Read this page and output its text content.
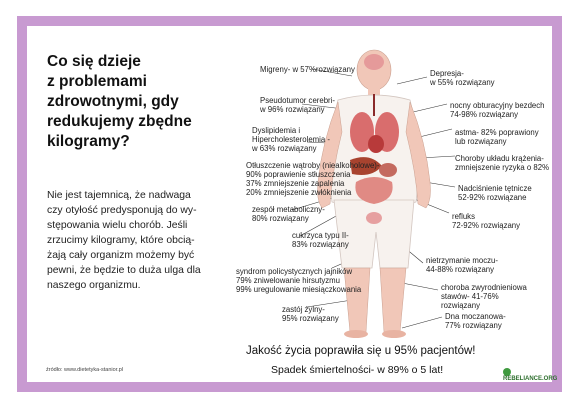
Co się dzieje
z problemami
zdrowotnymi, gdy
redukujemy zbędne
kilogramy?

Nie jest tajemnicą, że nadwaga
czy otyłość predysponują do wy-
stępowania wielu chorób. Jeśli
zrzucimy kilogramy, które obcią-
żają cały organizm możemy być
pewni, że będzie to duża ulga dla
naszego organizmu.

źródło: www.dietetyka-stanior.pl
Migreny- w 57%rozwiązany
Pseudotumor cerebri-
w 96% rozwiązany
Dyslipidemia i
Hipercholesterolemia -
w 63% rozwiązany
Otłuszczenie wątroby (niealkoholowe)-
90% poprawienie stłuszczenia
37% zmniejszenie zapalenia
20% zmniejszenie zwłóknienia
zespół metaboliczny-
80% rozwiązany
cukrzyca typu II-
83% rozwiązany
syndrom policystycznych jajników
79% zniwelowanie hirsutyzmu
99% uregulowanie miesiączkowania
zastój żylny-
95% rozwiązany
Depresja-
w 55% rozwiązany
nocny obturacyjny bezdech
74-98% rozwiązany
astma- 82% poprawiony
lub rozwiązany
Choroby układu krążenia-
zmniejszenie ryzyka o 82%
Nadciśnienie tętnicze
52-92% rozwiązane
refluks
72-92% rozwiązany
nietrzymanie moczu-
44-88% rozwiązany
choroba zwyrodnieniowa
stawów- 41-76%
rozwiązany
Dna moczanowa-
77% rozwiązany
Jakość życia poprawiła się u 95% pacjentów!
Spadek śmiertelności- w 89% o 5 lat!
REBELIANCE.ORG
